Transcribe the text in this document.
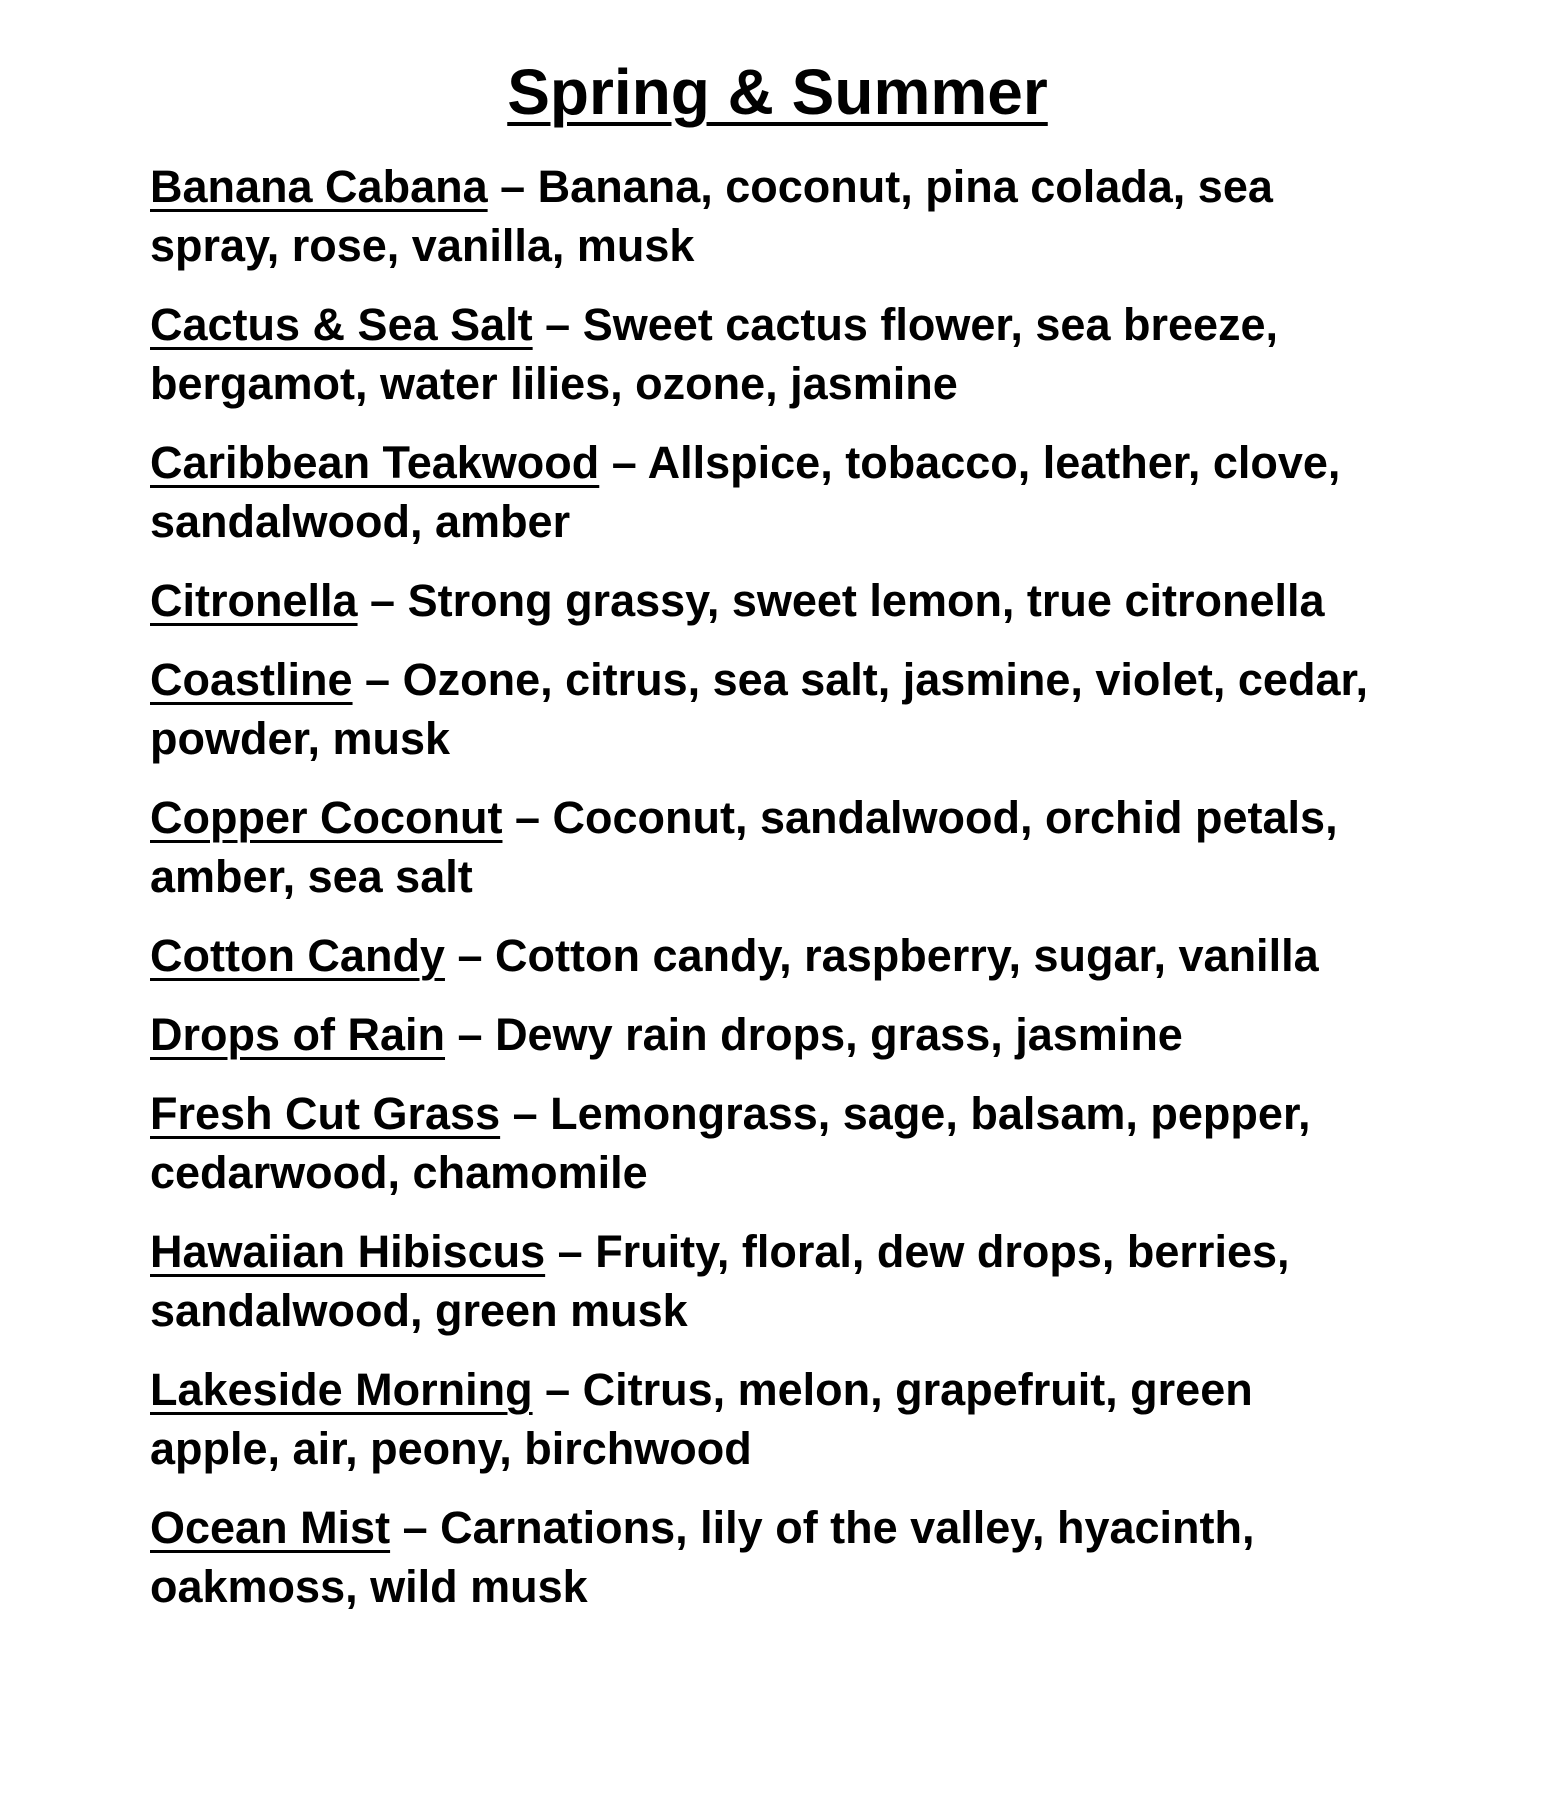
Spring & Summer
Banana Cabana – Banana, coconut, pina colada, sea spray, rose, vanilla, musk
Cactus & Sea Salt – Sweet cactus flower, sea breeze, bergamot, water lilies, ozone, jasmine
Caribbean Teakwood – Allspice, tobacco, leather, clove, sandalwood, amber
Citronella – Strong grassy, sweet lemon, true citronella
Coastline – Ozone, citrus, sea salt, jasmine, violet, cedar, powder, musk
Copper Coconut – Coconut, sandalwood, orchid petals, amber, sea salt
Cotton Candy – Cotton candy, raspberry, sugar, vanilla
Drops of Rain – Dewy rain drops, grass, jasmine
Fresh Cut Grass – Lemongrass, sage, balsam, pepper, cedarwood, chamomile
Hawaiian Hibiscus – Fruity, floral, dew drops, berries, sandalwood, green musk
Lakeside Morning – Citrus, melon, grapefruit, green apple, air, peony, birchwood
Ocean Mist – Carnations, lily of the valley, hyacinth, oakmoss, wild musk
